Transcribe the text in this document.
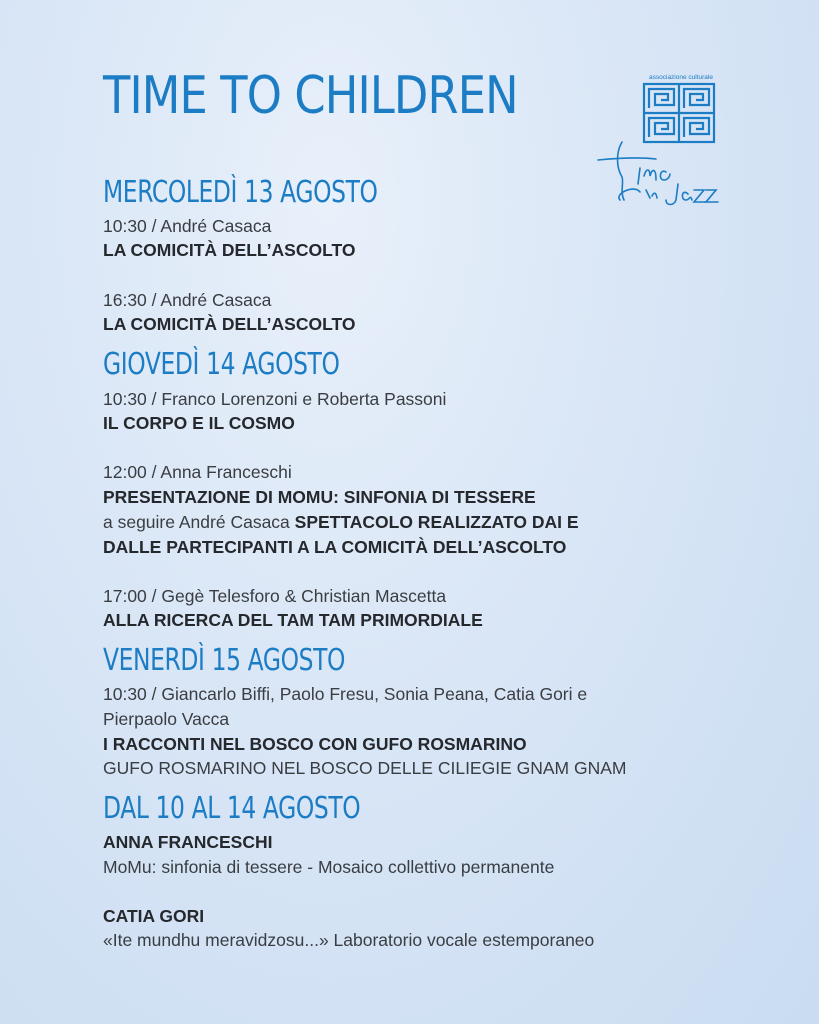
TIME TO CHILDREN	associazione culturale
MERCOLEDÌ 13 AGOSTO
10:30 / André Casaca
LA COMICITÀ DELL’ASCOLTO
16:30 / André Casaca
LA COMICITÀ DELL’ASCOLTO
GIOVEDÌ 14 AGOSTO
10:30 / Franco Lorenzoni e Roberta Passoni
IL CORPO E IL COSMO
12:00 / Anna Franceschi
PRESENTAZIONE DI MOMU: SINFONIA DI TESSERE
a seguire André Casaca SPETTACOLO REALIZZATO DAI E
DALLE PARTECIPANTI A LA COMICITÀ DELL’ASCOLTO
17:00 / Gegè Telesforo & Christian Mascetta
ALLA RICERCA DEL TAM TAM PRIMORDIALE
VENERDÌ 15 AGOSTO
10:30 / Giancarlo Biffi, Paolo Fresu, Sonia Peana, Catia Gori e
Pierpaolo Vacca
I RACCONTI NEL BOSCO CON GUFO ROSMARINO
GUFO ROSMARINO NEL BOSCO DELLE CILIEGIE GNAM GNAM
DAL 10 AL 14 AGOSTO
ANNA FRANCESCHI
MoMu: sinfonia di tessere - Mosaico collettivo permanente
CATIA GORI
«Ite mundhu meravidzosu...» Laboratorio vocale estemporaneo
